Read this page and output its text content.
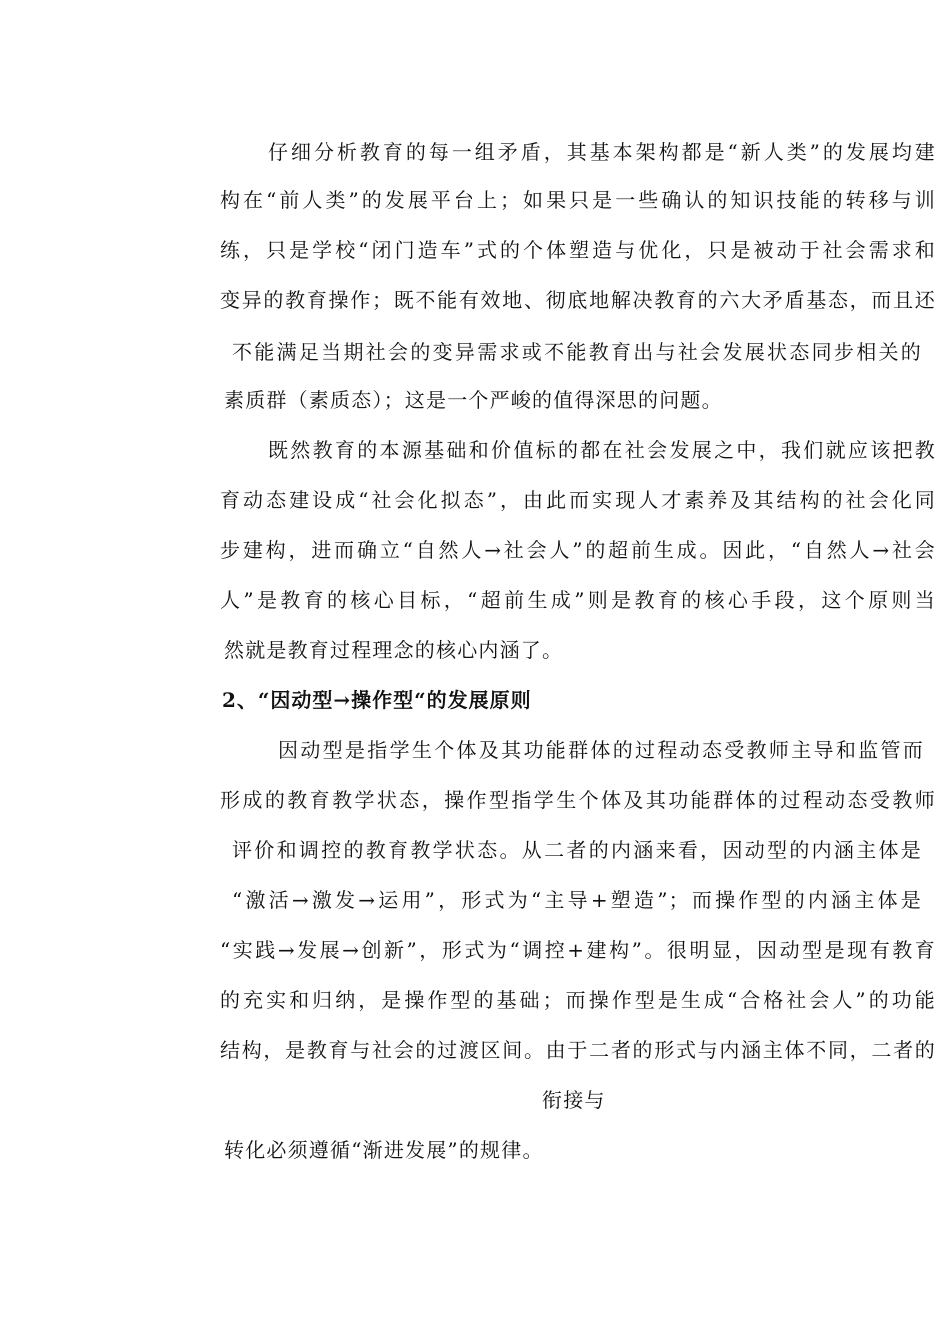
仔细分析教育的每一组矛盾，其基本架构都是“新人类”的发展均建
构在“前人类”的发展平台上；如果只是一些确认的知识技能的转移与训
练，只是学校“闭门造车”式的个体塑造与优化，只是被动于社会需求和
变异的教育操作；既不能有效地、彻底地解决教育的六大矛盾基态，而且还
不能满足当期社会的变异需求或不能教育出与社会发展状态同步相关的
素质群（素质态）；这是一个严峻的值得深思的问题。
既然教育的本源基础和价值标的都在社会发展之中，我们就应该把教
育动态建设成“社会化拟态”，由此而实现人才素养及其结构的社会化同
步建构，进而确立“自然人→社会人”的超前生成。因此，“自然人→社会
人”是教育的核心目标，“超前生成”则是教育的核心手段，这个原则当
然就是教育过程理念的核心内涵了。
2、“因动型→操作型“的发展原则
因动型是指学生个体及其功能群体的过程动态受教师主导和监管而
形成的教育教学状态，操作型指学生个体及其功能群体的过程动态受教师
评价和调控的教育教学状态。从二者的内涵来看，因动型的内涵主体是
“激活→激发→运用”，形式为“主导+塑造”；而操作型的内涵主体是
“实践→发展→创新”，形式为“调控+建构”。很明显，因动型是现有教育
的充实和归纳，是操作型的基础；而操作型是生成“合格社会人”的功能
结构，是教育与社会的过渡区间。由于二者的形式与内涵主体不同，二者的
衔接与
转化必须遵循“渐进发展”的规律。
